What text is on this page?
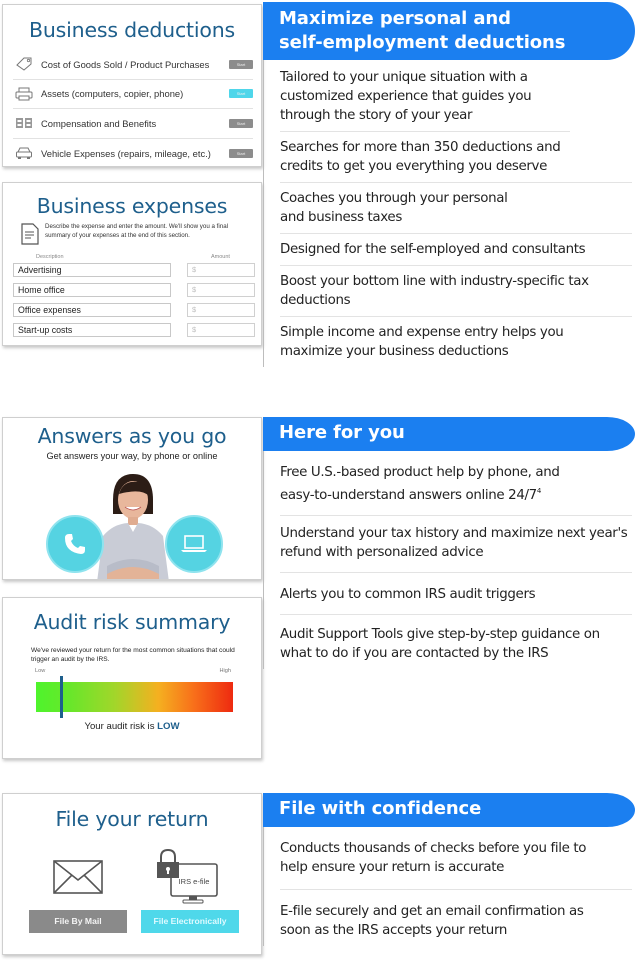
Business deductions
Cost of Goods Sold / Product Purchases	Start
Assets (computers, copier, phone)	Start
Compensation and Benefits	Start
Vehicle Expenses (repairs, mileage, etc.)	Start
Business expenses
Describe the expense and enter the amount. We'll show you a final summary of your expenses at the end of this section.
Description	Amount
Advertising	$
Home office	$
Office expenses	$
Start-up costs	$
Answers as you go
Get answers your way, by phone or online
Audit risk summary
We've reviewed your return for the most common situations that could trigger an audit by the IRS.
Low	High
Your audit risk is LOW
File your return
IRS e-file
File By Mail	File Electronically
Maximize personal and
self-employment deductions
Tailored to your unique situation with a customized experience that guides you through the story of your year
Searches for more than 350 deductions and credits to get you everything you deserve
Coaches you through your personal and business taxes
Designed for the self-employed and consultants
Boost your bottom line with industry-specific tax deductions
Simple income and expense entry helps you maximize your business deductions
Here for you
Free U.S.-based product help by phone, and easy-to-understand answers online $24/7^4$
Understand your tax history and maximize next year's refund with personalized advice
Alerts you to common IRS audit triggers
Audit Support Tools give step-by-step guidance on what to do if you are contacted by the IRS
File with confidence
Conducts thousands of checks before you file to help ensure your return is accurate
E-file securely and get an email confirmation as soon as the IRS accepts your return
